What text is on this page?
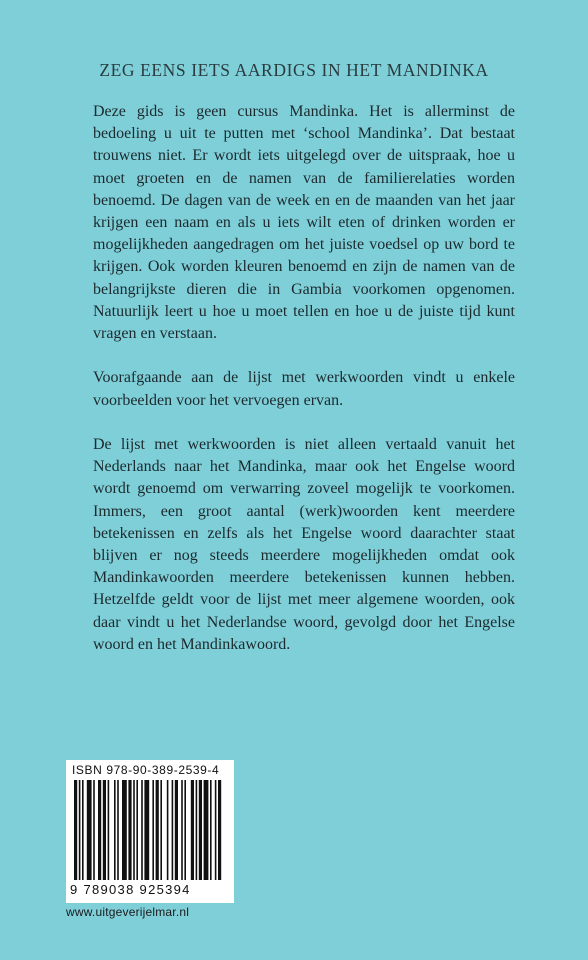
ZEG EENS IETS AARDIGS IN HET MANDINKA

Deze gids is geen cursus Mandinka. Het is allerminst de bedoeling u uit te putten met ‘school Mandinka’. Dat bestaat trouwens niet. Er wordt iets uitgelegd over de uitspraak, hoe u moet groeten en de namen van de familierelaties worden benoemd. De dagen van de week en en de maanden van het jaar krijgen een naam en als u iets wilt eten of drinken worden er mogelijkheden aangedragen om het juiste voedsel op uw bord te krijgen. Ook worden kleuren benoemd en zijn de namen van de belangrijkste dieren die in Gambia voorkomen opgenomen. Natuurlijk leert u hoe u moet tellen en hoe u de juiste tijd kunt vragen en verstaan.

Voorafgaande aan de lijst met werkwoorden vindt u enkele voorbeelden voor het vervoegen ervan.

De lijst met werkwoorden is niet alleen vertaald vanuit het Nederlands naar het Mandinka, maar ook het Engelse woord wordt genoemd om verwarring zoveel mogelijk te voorkomen. Immers, een groot aantal (werk)woorden kent meerdere betekenissen en zelfs als het Engelse woord daarachter staat blijven er nog steeds meerdere mogelijkheden omdat ook Mandinkawoorden meerdere betekenissen kunnen hebben. Hetzelfde geldt voor de lijst met meer algemene woorden, ook daar vindt u het Nederlandse woord, gevolgd door het Engelse woord en het Mandinkawoord.

ISBN 978-90-389-2539-4
9 789038 925394
www.uitgeverijelmar.nl
